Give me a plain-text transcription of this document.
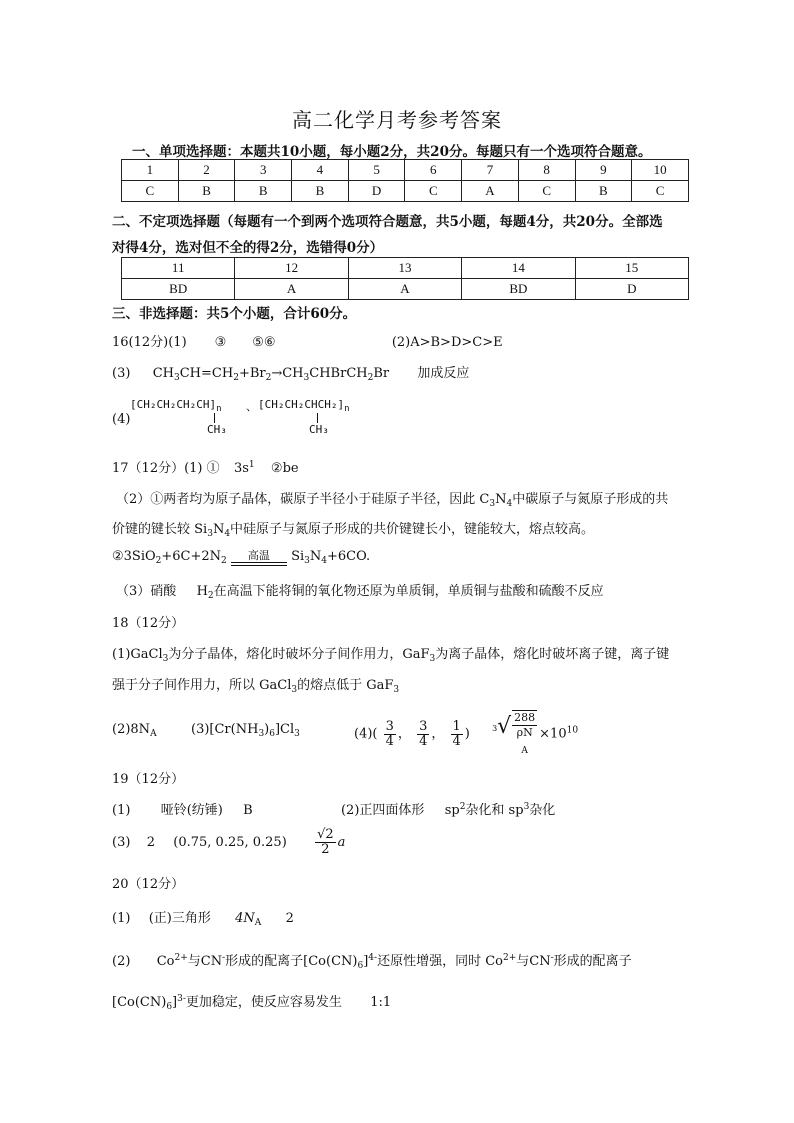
高二化学月考参考答案
一、单项选择题：本题共10小题，每小题2分，共20分。每题只有一个选项符合题意。
1	2	3	4	5	6	7	8	9	10
C	B	B	B	D	C	A	C	B	C
二、不定项选择题（每题有一个到两个选项符合题意，共5小题，每题4分，共20分。全部选
对得4分，选对但不全的得2分，选错得0分）
11	12	13	14	15
BD	A	A	BD	D
三、非选择题：共5个小题，合计60分。
16(12分)(1) ③ ⑤⑥	(2)A>B>D>C>E
(3) $CH_3CH=CH_2+Br_2\to CH_3CHBrCH_2Br$ 加成反应
(4)
$[CH_2CH_2CH_2CH]_n$ 、 $[CH_2CH_2CHCH_2]_n$
CH₃	CH₃
17（12分）(1) ① $3s^1$ ②be
（2）①两者均为原子晶体，碳原子半径小于硅原子半径，因此 $C_3N_4$中碳原子与氮原子形成的共
价键的键长较 $Si_3N_4$中硅原子与氮原子形成的共价键键长小，键能较大，熔点较高。
$②3SiO_2+6C+2N_2$	高温	$Si_3N_4+6CO$.
（3）硝酸 $H_2$在高温下能将铜的氧化物还原为单质铜，单质铜与盐酸和硫酸不反应
18（12分）
(1)GaCl$_3$为分子晶体，熔化时破坏分子间作用力，GaF$_3$为离子晶体，熔化时破坏离子键，离子键
强于分子间作用力，所以 GaCl$_3$的熔点低于 GaF$_3$
$(2)8N_A$	$(3)[Cr(NH_3)_6]Cl_3$	$(4)( \frac{3}{4}$ ， $\frac{3}{4}$ ， $\frac{1}{4}$ )	3 √ 288
ρN
$_A \times 10^{10}$
19（12分）
(1) 哑铃(纺锤) B	(2)正四面体形 $sp^2$杂化和 $sp^3$杂化
(3) 2 (0.75, 0.25, $0.25) \frac{√2}{2}$ a
20（12分）
(1) (正)三角形 $4N_A$ 2
(2) $Co^{2+}$与CN-形成的配离子$[Co(CN)_6]^{4-}$还原性增强，同时 $Co^{2+}$与CN-形成的配离子
$[Co(CN)_6]^{3-}$更加稳定，使反应容易发生 1:1
